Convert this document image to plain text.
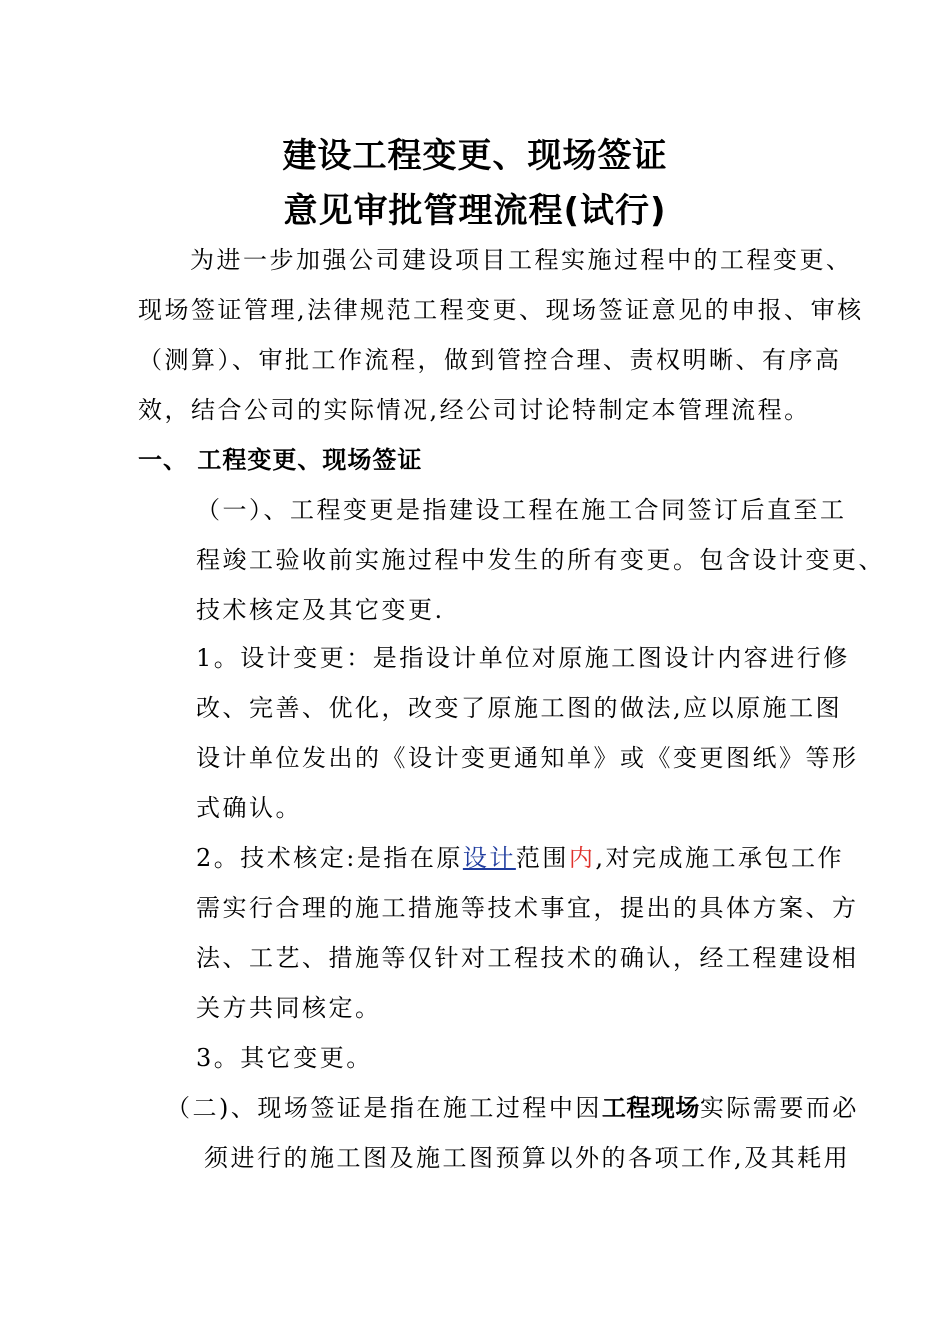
建设工程变更、现场签证
意见审批管理流程(试行)
为进一步加强公司建设项目工程实施过程中的工程变更、
现场签证管理,法律规范工程变更、现场签证意见的申报、审核
（测算）、审批工作流程，做到管控合理、责权明晰、有序高
效，结合公司的实际情况,经公司讨论特制定本管理流程。
一、 工程变更、现场签证
（一）、工程变更是指建设工程在施工合同签订后直至工
程竣工验收前实施过程中发生的所有变更。包含设计变更、
技术核定及其它变更.
1。设计变更：是指设计单位对原施工图设计内容进行修
改、完善、优化，改变了原施工图的做法,应以原施工图
设计单位发出的《设计变更通知单》或《变更图纸》等形
式确认。
2。技术核定:是指在原设计范围内,对完成施工承包工作
需实行合理的施工措施等技术事宜，提出的具体方案、方
法、工艺、措施等仅针对工程技术的确认，经工程建设相
关方共同核定。
3。其它变更。
（二)、现场签证是指在施工过程中因工程现场实际需要而必
须进行的施工图及施工图预算以外的各项工作,及其耗用
